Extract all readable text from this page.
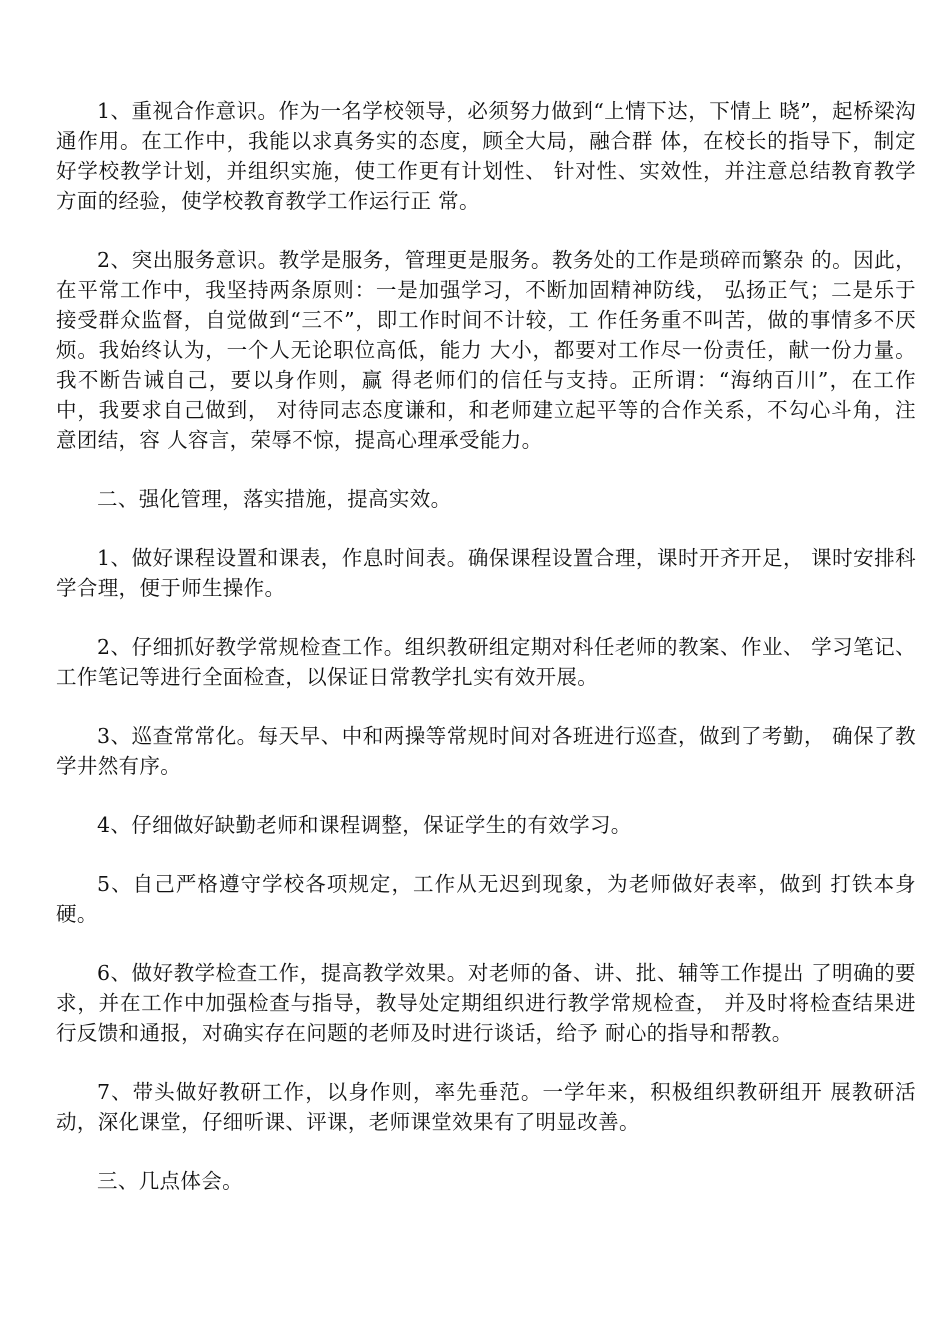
1、重视合作意识。作为一名学校领导，必须努力做到“上情下达，下情上 晓”，起桥梁沟通作用。在工作中，我能以求真务实的态度，顾全大局，融合群 体，在校长的指导下，制定好学校教学计划，并组织实施，使工作更有计划性、 针对性、实效性，并注意总结教育教学方面的经验，使学校教育教学工作运行正 常。

2、突出服务意识。教学是服务，管理更是服务。教务处的工作是琐碎而繁杂 的。因此，在平常工作中，我坚持两条原则：一是加强学习，不断加固精神防线， 弘扬正气；二是乐于接受群众监督，自觉做到“三不”，即工作时间不计较，工 作任务重不叫苦，做的事情多不厌烦。我始终认为，一个人无论职位高低，能力 大小，都要对工作尽一份责任，献一份力量。我不断告诫自己，要以身作则，赢 得老师们的信任与支持。正所谓：“海纳百川”，在工作中，我要求自己做到， 对待同志态度谦和，和老师建立起平等的合作关系，不勾心斗角，注意团结，容 人容言，荣辱不惊，提高心理承受能力。

二、强化管理，落实措施，提高实效。

1、做好课程设置和课表，作息时间表。确保课程设置合理，课时开齐开足， 课时安排科学合理，便于师生操作。

2、仔细抓好教学常规检查工作。组织教研组定期对科任老师的教案、作业、 学习笔记、工作笔记等进行全面检查，以保证日常教学扎实有效开展。

3、巡查常常化。每天早、中和两操等常规时间对各班进行巡查，做到了考勤， 确保了教学井然有序。

4、仔细做好缺勤老师和课程调整，保证学生的有效学习。

5、自己严格遵守学校各项规定，工作从无迟到现象，为老师做好表率，做到 打铁本身硬。

6、做好教学检查工作，提高教学效果。对老师的备、讲、批、辅等工作提出 了明确的要求，并在工作中加强检查与指导，教导处定期组织进行教学常规检查， 并及时将检查结果进行反馈和通报，对确实存在问题的老师及时进行谈话，给予 耐心的指导和帮教。

7、带头做好教研工作，以身作则，率先垂范。一学年来，积极组织教研组开 展教研活动，深化课堂，仔细听课、评课，老师课堂效果有了明显改善。

三、几点体会。
